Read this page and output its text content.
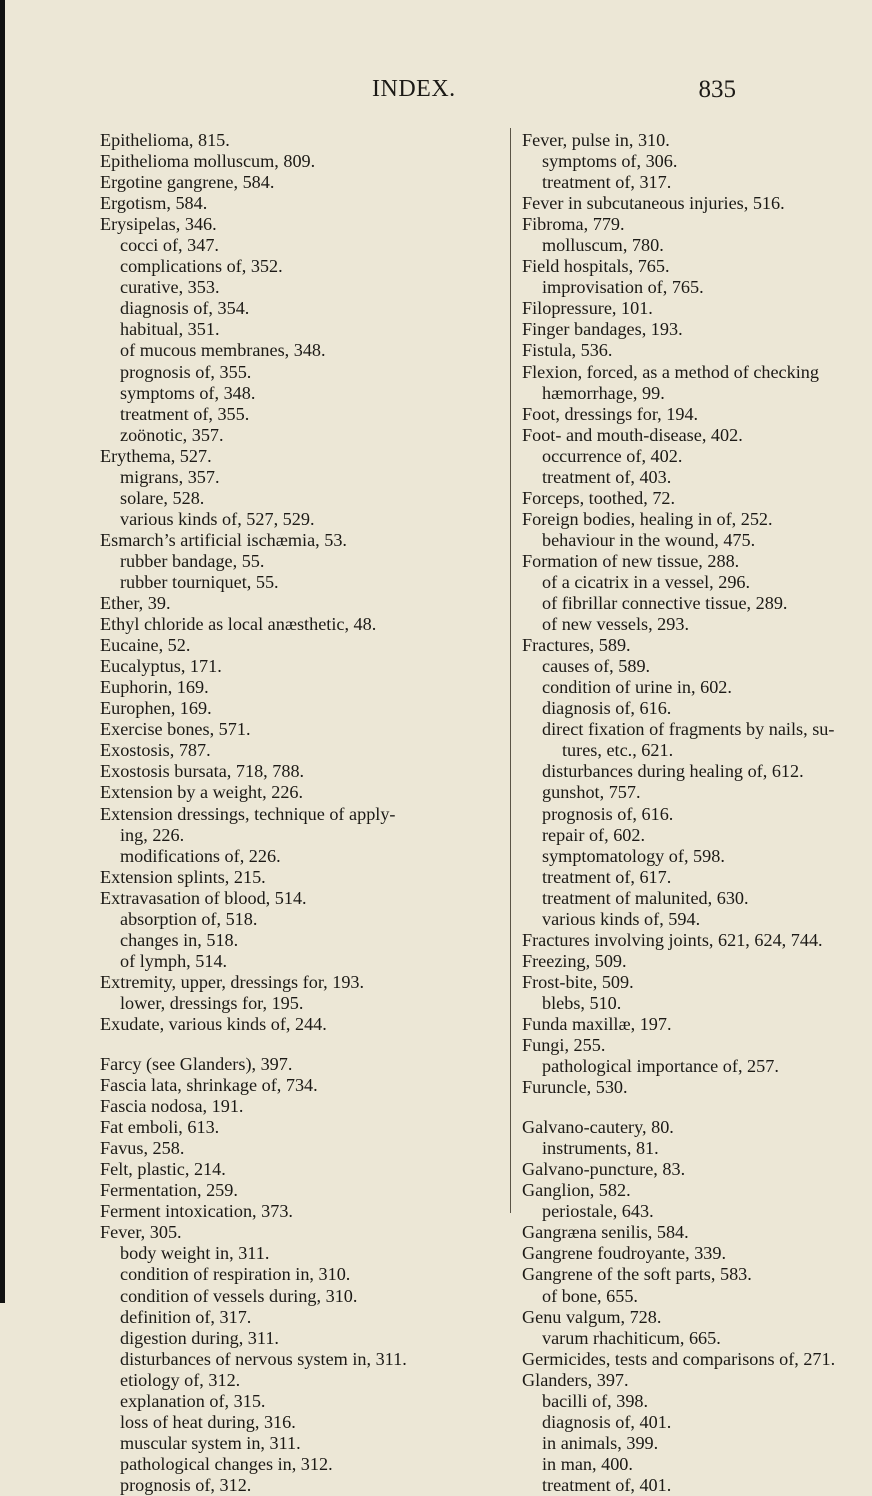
INDEX.	835
Epithelioma, 815.
Epithelioma molluscum, 809.
Ergotine gangrene, 584.
Ergotism, 584.
Erysipelas, 346.
cocci of, 347.
complications of, 352.
curative, 353.
diagnosis of, 354.
habitual, 351.
of mucous membranes, 348.
prognosis of, 355.
symptoms of, 348.
treatment of, 355.
zoönotic, 357.
Erythema, 527.
migrans, 357.
solare, 528.
various kinds of, 527, 529.
Esmarch’s artificial ischæmia, 53.
rubber bandage, 55.
rubber tourniquet, 55.
Ether, 39.
Ethyl chloride as local anæsthetic, 48.
Eucaine, 52.
Eucalyptus, 171.
Euphorin, 169.
Europhen, 169.
Exercise bones, 571.
Exostosis, 787.
Exostosis bursata, 718, 788.
Extension by a weight, 226.
Extension dressings, technique of apply-
ing, 226.
modifications of, 226.
Extension splints, 215.
Extravasation of blood, 514.
absorption of, 518.
changes in, 518.
of lymph, 514.
Extremity, upper, dressings for, 193.
lower, dressings for, 195.
Exudate, various kinds of, 244.
Farcy (see Glanders), 397.
Fascia lata, shrinkage of, 734.
Fascia nodosa, 191.
Fat emboli, 613.
Favus, 258.
Felt, plastic, 214.
Fermentation, 259.
Ferment intoxication, 373.
Fever, 305.
body weight in, 311.
condition of respiration in, 310.
condition of vessels during, 310.
definition of, 317.
digestion during, 311.
disturbances of nervous system in, 311.
etiology of, 312.
explanation of, 315.
loss of heat during, 316.
muscular system in, 311.
pathological changes in, 312.
prognosis of, 312.
Fever, pulse in, 310.
symptoms of, 306.
treatment of, 317.
Fever in subcutaneous injuries, 516.
Fibroma, 779.
molluscum, 780.
Field hospitals, 765.
improvisation of, 765.
Filopressure, 101.
Finger bandages, 193.
Fistula, 536.
Flexion, forced, as a method of checking
hæmorrhage, 99.
Foot, dressings for, 194.
Foot- and mouth-disease, 402.
occurrence of, 402.
treatment of, 403.
Forceps, toothed, 72.
Foreign bodies, healing in of, 252.
behaviour in the wound, 475.
Formation of new tissue, 288.
of a cicatrix in a vessel, 296.
of fibrillar connective tissue, 289.
of new vessels, 293.
Fractures, 589.
causes of, 589.
condition of urine in, 602.
diagnosis of, 616.
direct fixation of fragments by nails, su-
tures, etc., 621.
disturbances during healing of, 612.
gunshot, 757.
prognosis of, 616.
repair of, 602.
symptomatology of, 598.
treatment of, 617.
treatment of malunited, 630.
various kinds of, 594.
Fractures involving joints, 621, 624, 744.
Freezing, 509.
Frost-bite, 509.
blebs, 510.
Funda maxillæ, 197.
Fungi, 255.
pathological importance of, 257.
Furuncle, 530.
Galvano-cautery, 80.
instruments, 81.
Galvano-puncture, 83.
Ganglion, 582.
periostale, 643.
Gangræna senilis, 584.
Gangrene foudroyante, 339.
Gangrene of the soft parts, 583.
of bone, 655.
Genu valgum, 728.
varum rhachiticum, 665.
Germicides, tests and comparisons of, 271.
Glanders, 397.
bacilli of, 398.
diagnosis of, 401.
in animals, 399.
in man, 400.
treatment of, 401.
